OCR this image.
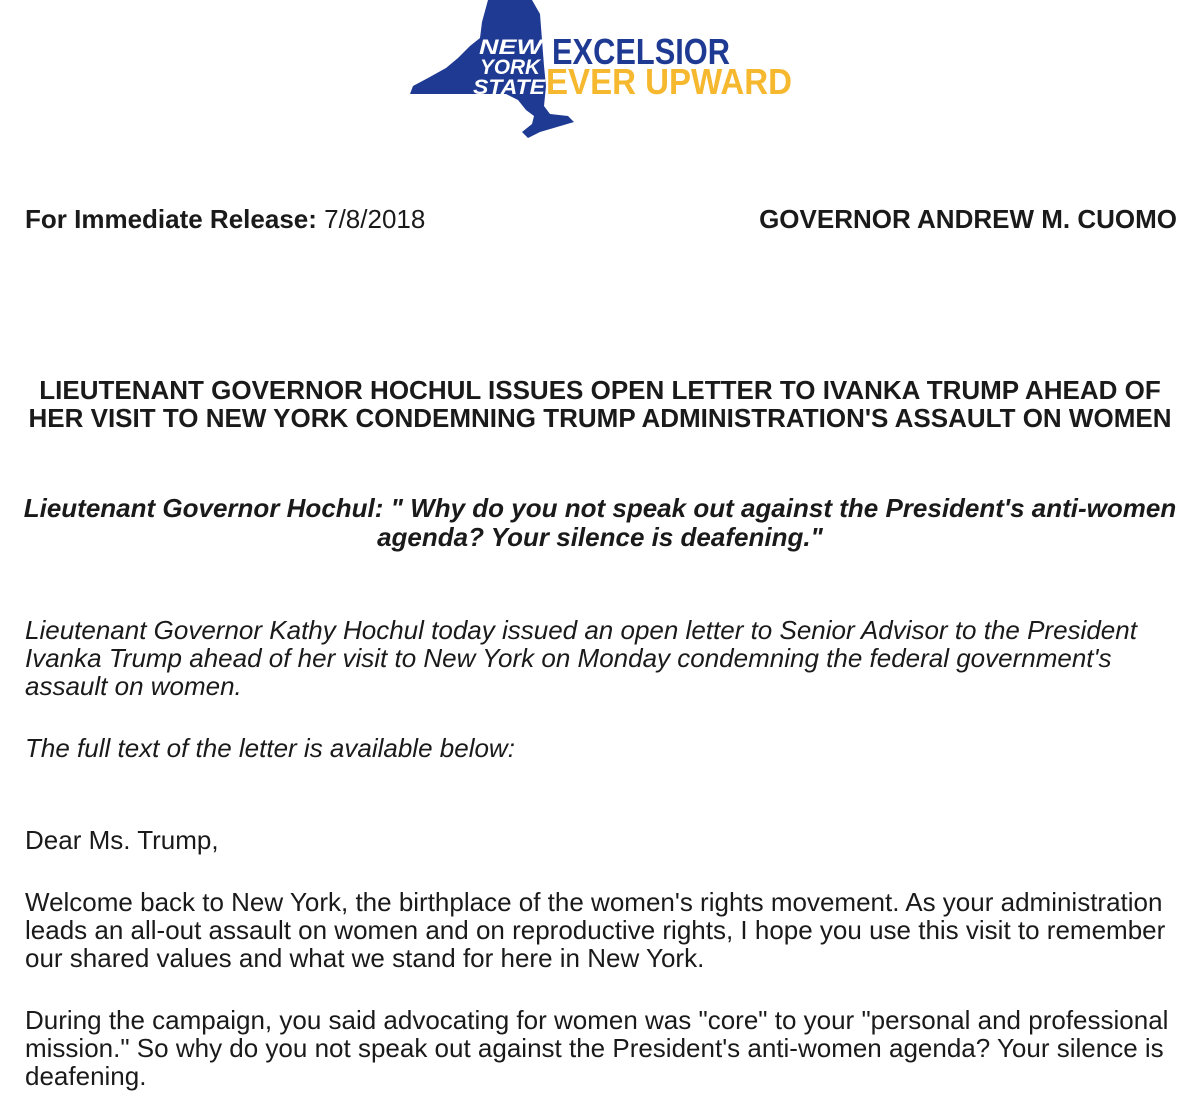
NEW
YORK
STATE
EXCELSIOR
EVER UPWARD
For Immediate Release: 7/8/2018	GOVERNOR ANDREW M. CUOMO
LIEUTENANT GOVERNOR HOCHUL ISSUES OPEN LETTER TO IVANKA TRUMP AHEAD OF HER VISIT TO NEW YORK CONDEMNING TRUMP ADMINISTRATION'S ASSAULT ON WOMEN
Lieutenant Governor Hochul: " Why do you not speak out against the President's anti-women agenda? Your silence is deafening."

Lieutenant Governor Kathy Hochul today issued an open letter to Senior Advisor to the President Ivanka Trump ahead of her visit to New York on Monday condemning the federal government's assault on women.

The full text of the letter is available below:

Dear Ms. Trump,

Welcome back to New York, the birthplace of the women's rights movement. As your administration leads an all-out assault on women and on reproductive rights, I hope you use this visit to remember our shared values and what we stand for here in New York.

During the campaign, you said advocating for women was "core" to your "personal and professional mission." So why do you not speak out against the President's anti-women agenda? Your silence is deafening.
